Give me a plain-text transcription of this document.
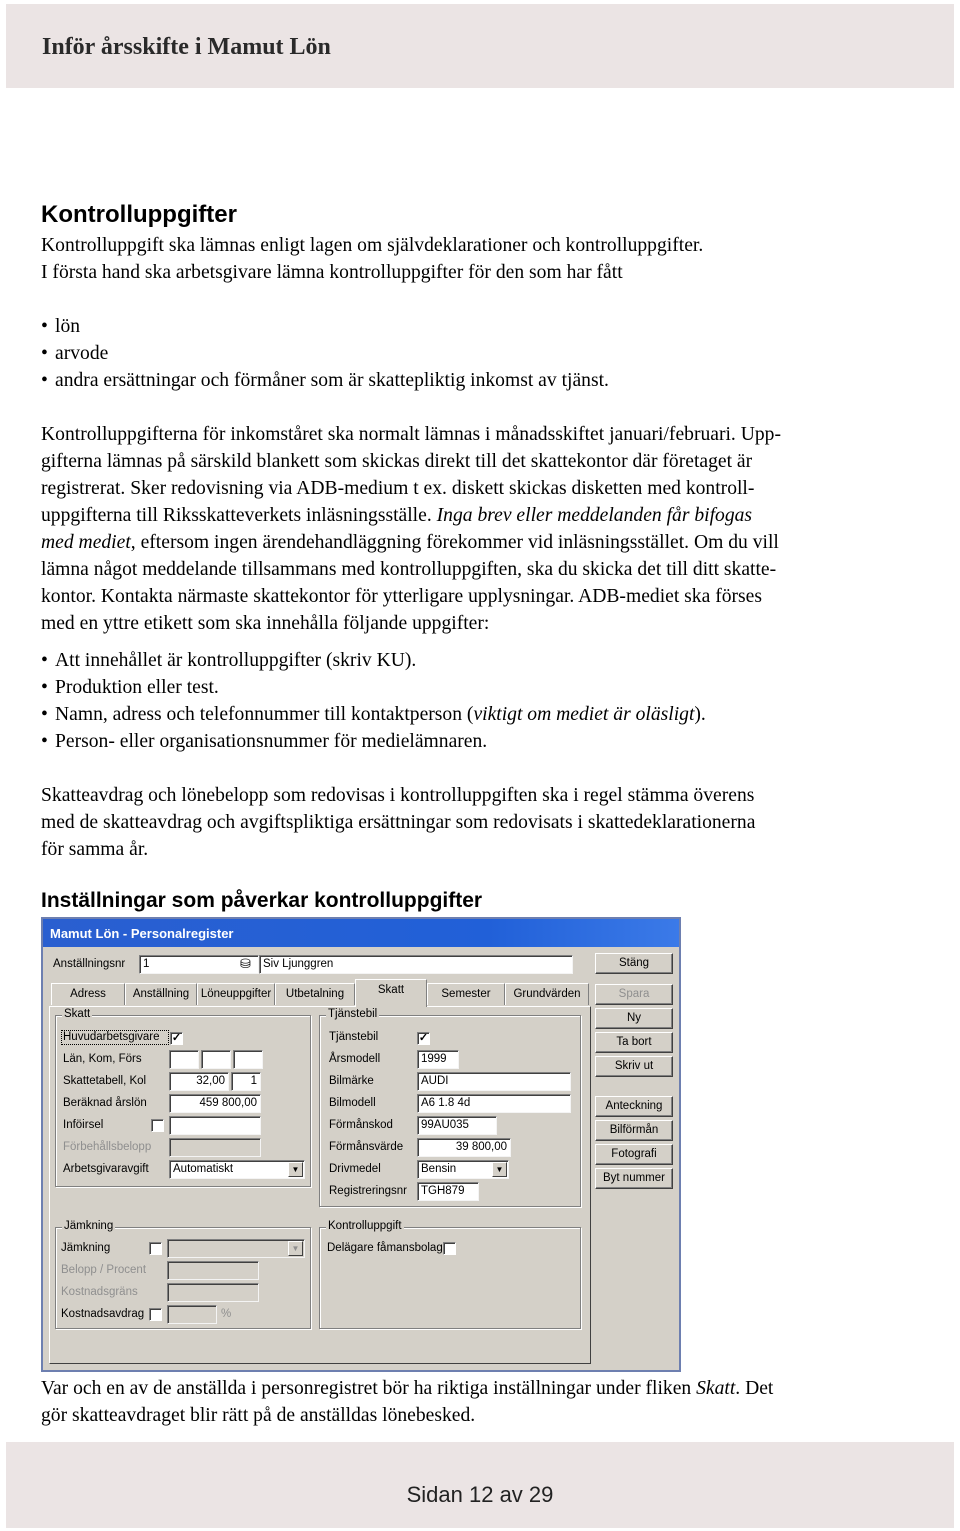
Inför årsskifte i Mamut Lön
Kontrolluppgifter
Kontrolluppgift ska lämnas enligt lagen om självdeklarationer och kontrolluppgifter.
I första hand ska arbetsgivare lämna kontrolluppgifter för den som har fått
• lön
• arvode
• andra ersättningar och förmåner som är skattepliktig inkomst av tjänst.
Kontrolluppgifterna för inkomståret ska normalt lämnas i månadsskiftet januari/februari. Upp-
gifterna lämnas på särskild blankett som skickas direkt till det skattekontor där företaget är
registrerat. Sker redovisning via ADB-medium t ex. diskett skickas disketten med kontroll-
uppgifterna till Riksskatteverkets inläsningsställe. Inga brev eller meddelanden får bifogas
med mediet, eftersom ingen ärendehandläggning förekommer vid inläsningsstället. Om du vill
lämna något meddelande tillsammans med kontrolluppgiften, ska du skicka det till ditt skatte-
kontor. Kontakta närmaste skattekontor för ytterligare upplysningar. ADB-mediet ska förses
med en yttre etikett som ska innehålla följande uppgifter:
• Att innehållet är kontrolluppgifter (skriv KU).
• Produktion eller test.
• Namn, adress och telefonnummer till kontaktperson (viktigt om mediet är oläsligt).
• Person- eller organisationsnummer för medielämnaren.
Skatteavdrag och lönebelopp som redovisas i kontrolluppgiften ska i regel stämma överens
med de skatteavdrag och avgiftspliktiga ersättningar som redovisats i skattedeklarationerna
för samma år.
Inställningar som påverkar kontrolluppgifter
Mamut Lön - Personalregister
Anställningsnr	1	⛁	Siv Ljunggren
Adress	Anställning	Löneuppgifter	Utbetalning	Skatt	Semester	Grundvärden
Stäng
Spara
Ny
Ta bort
Skriv ut
Anteckning
Bilförmån
Fotografi
Byt nummer
Skatt
Huvudarbetsgivare ✓
Län, Kom, Förs
Skattetabell, Kol	32,00	1
Beräknad årslön	459 800,00
Inföirsel
Förbehållsbelopp
Arbetsgivaravgift	Automatiskt	▼
Tjänstebil
Tjänstebil	✓
Årsmodell	1999
Bilmärke	AUDI
Bilmodell	A6 1.8 4d
Förmånskod	99AU035
Förmånsvärde	39 800,00
Drivmedel	Bensin	▼
Registreringsnr	TGH879
Jämkning
Jämkning	▼
Belopp / Procent
Kostnadsgräns
Kostnadsavdrag	%
Kontrolluppgift
Delägare fåmansbolag
Var och en av de anställda i personregistret bör ha riktiga inställningar under fliken Skatt. Det
gör skatteavdraget blir rätt på de anställdas lönebesked.
Sidan 12 av 29
